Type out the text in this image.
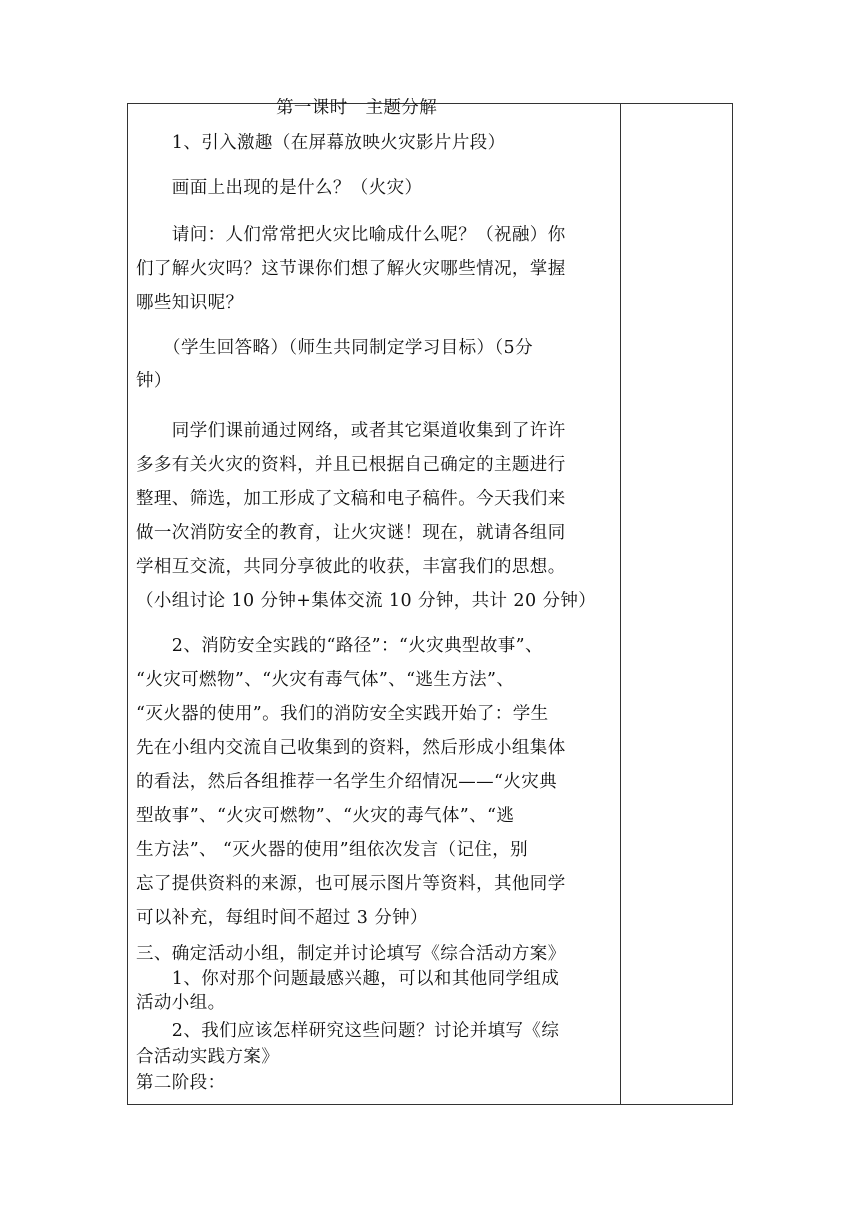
第一课时　主题分解
　　1、引入激趣（在屏幕放映火灾影片片段）
　　画面上出现的是什么？（火灾）
　　请问：人们常常把火灾比喻成什么呢？（祝融）你
们了解火灾吗？这节课你们想了解火灾哪些情况，掌握
哪些知识呢？
　　（学生回答略）（师生共同制定学习目标）（5分
钟）
　　同学们课前通过网络，或者其它渠道收集到了许许
多多有关火灾的资料，并且已根据自己确定的主题进行
整理、筛选，加工形成了文稿和电子稿件。今天我们来
做一次消防安全的教育，让火灾谜！现在，就请各组同
学相互交流，共同分享彼此的收获，丰富我们的思想。
（小组讨论 10 分钟+集体交流 10 分钟，共计 20 分钟）
　　2、消防安全实践的“路径”：“火灾典型故事”、
“火灾可燃物”、“火灾有毒气体”、“逃生方法”、
“灭火器的使用”。我们的消防安全实践开始了：学生
先在小组内交流自己收集到的资料，然后形成小组集体
的看法，然后各组推荐一名学生介绍情况——“火灾典
型故事”、“火灾可燃物”、“火灾的毒气体”、“逃
生方法”、 “灭火器的使用”组依次发言（记住，别
忘了提供资料的来源，也可展示图片等资料，其他同学
可以补充，每组时间不超过 3 分钟）
三、确定活动小组，制定并讨论填写《综合活动方案》
　　1、你对那个问题最感兴趣，可以和其他同学组成
活动小组。
　　2、我们应该怎样研究这些问题？讨论并填写《综
合活动实践方案》
第二阶段：
